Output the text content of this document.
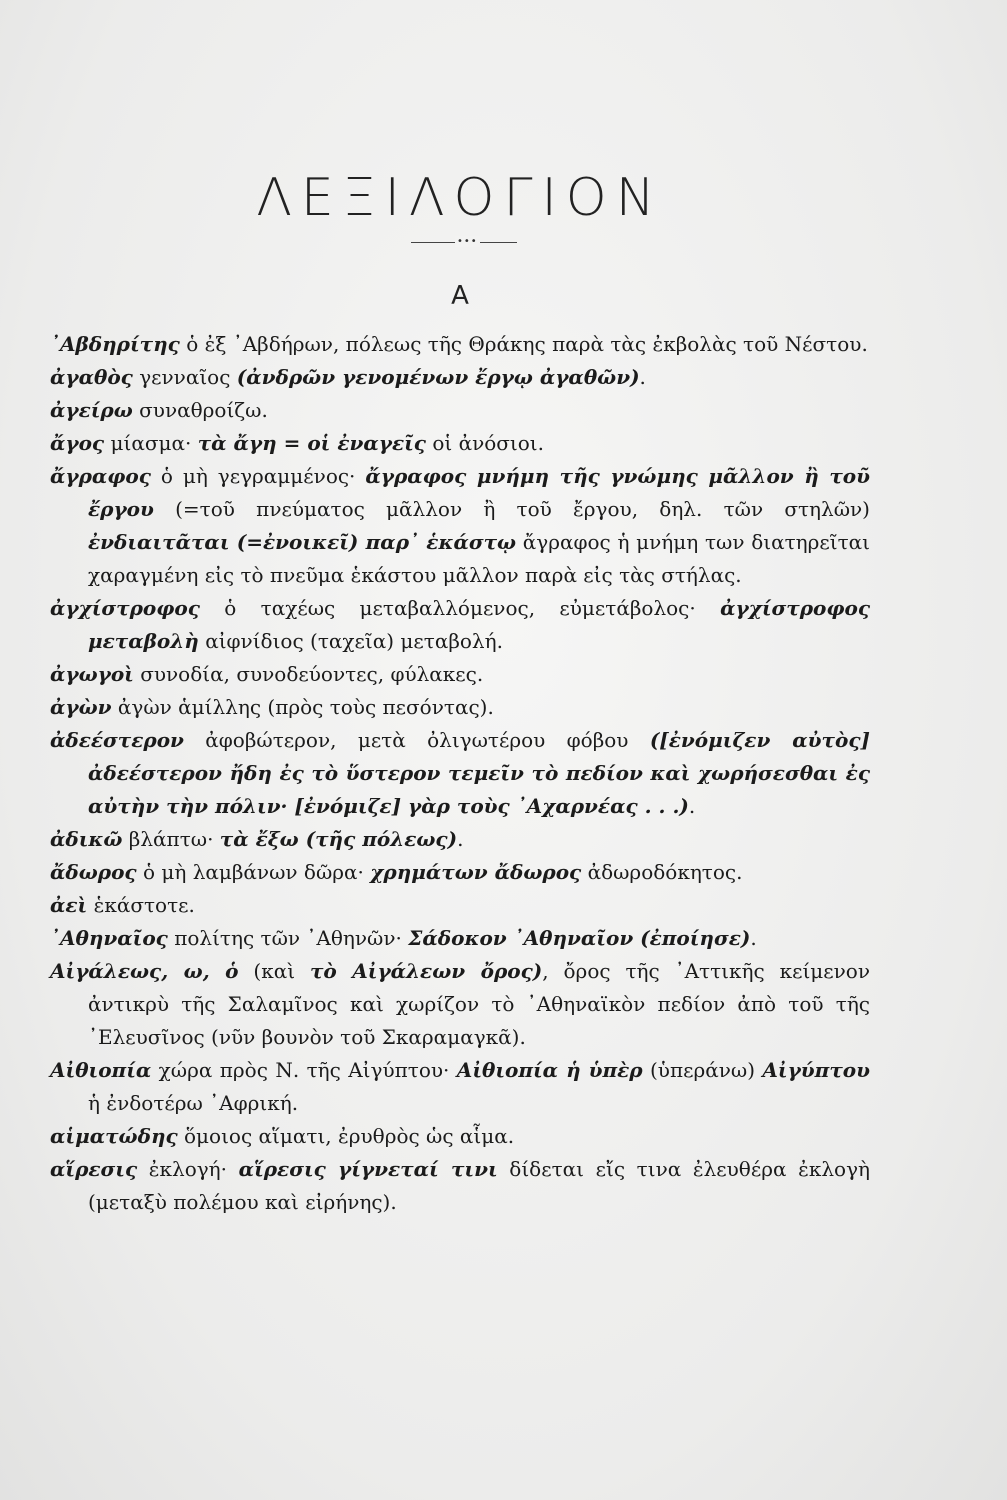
ΛΕΞΙΛΟΓΙΟΝ
•••
Α

᾿Αβδηρίτης ὁ ἐξ ᾿Αβδήρων, πόλεως τῆς Θράκης παρὰ τὰς ἐκβολὰς τοῦ Νέστου.

ἀγαθὸς γενναῖος (ἀνδρῶν γενομένων ἔργῳ ἀγαθῶν).

ἀγείρω συναθροίζω.

ἄγος μίασμα· τὰ ἄγη = οἱ ἐναγεῖς οἱ ἀνόσιοι.

ἄγραφος ὁ μὴ γεγραμμένος· ἄγραφος μνήμη τῆς γνώμης μᾶλλον ἢ τοῦ ἔργου (=τοῦ πνεύματος μᾶλλον ἢ τοῦ ἔργου, δηλ. τῶν στηλῶν) ἐνδιαιτᾶται (=ἐνοικεῖ) παρ᾿ ἑκάστῳ ἄγραφος ἡ μνήμη των διατηρεῖται χαραγμένη εἰς τὸ πνεῦμα ἑκάστου μᾶλλον παρὰ εἰς τὰς στήλας.

ἀγχίστροφος ὁ ταχέως μεταβαλλόμενος, εὐμετάβολος· ἀγχίστροφος μεταβολὴ αἰφνίδιος (ταχεῖα) μεταβολή.

ἀγωγοὶ συνοδία, συνοδεύοντες, φύλακες.

ἀγὼν ἀγὼν ἁμίλλης (πρὸς τοὺς πεσόντας).

ἀδεέστερον ἀφοβώτερον, μετὰ ὀλιγωτέρου φόβου ([ἐνόμιζεν αὐτὸς] ἀδεέστερον ἤδη ἐς τὸ ὕστερον τεμεῖν τὸ πεδίον καὶ χωρήσεσθαι ἐς αὐτὴν τὴν πόλιν· [ἐνόμιζε] γὰρ τοὺς ᾿Αχαρνέας . . .).

ἀδικῶ βλάπτω· τὰ ἔξω (τῆς πόλεως).

ἄδωρος ὁ μὴ λαμβάνων δῶρα· χρημάτων ἄδωρος ἀδωροδόκητος.

ἀεὶ ἑκάστοτε.

᾿Αθηναῖος πολίτης τῶν ᾿Αθηνῶν· Σάδοκον ᾿Αθηναῖον (ἐποίησε).

Αἰγάλεως, ω, ὁ (καὶ τὸ Αἰγάλεων ὄρος), ὄρος τῆς ᾿Αττικῆς κείμενον ἀντικρὺ τῆς Σαλαμῖνος καὶ χωρίζον τὸ ᾿Αθηναϊκὸν πεδίον ἀπὸ τοῦ τῆς ᾿Ελευσῖνος (νῦν βουνὸν τοῦ Σκαραμαγκᾶ).

Αἰθιοπία χώρα πρὸς Ν. τῆς Αἰγύπτου· Αἰθιοπία ἡ ὑπὲρ (ὑπεράνω) Αἰγύπτου ἡ ἐνδοτέρω ᾿Αφρική.

αἱματώδης ὅμοιος αἵματι, ἐρυθρὸς ὡς αἷμα.

αἵρεσις ἐκλογή· αἵρεσις γίγνεταί τινι δίδεται εἴς τινα ἐλευθέρα ἐκλογὴ (μεταξὺ πολέμου καὶ εἰρήνης).
